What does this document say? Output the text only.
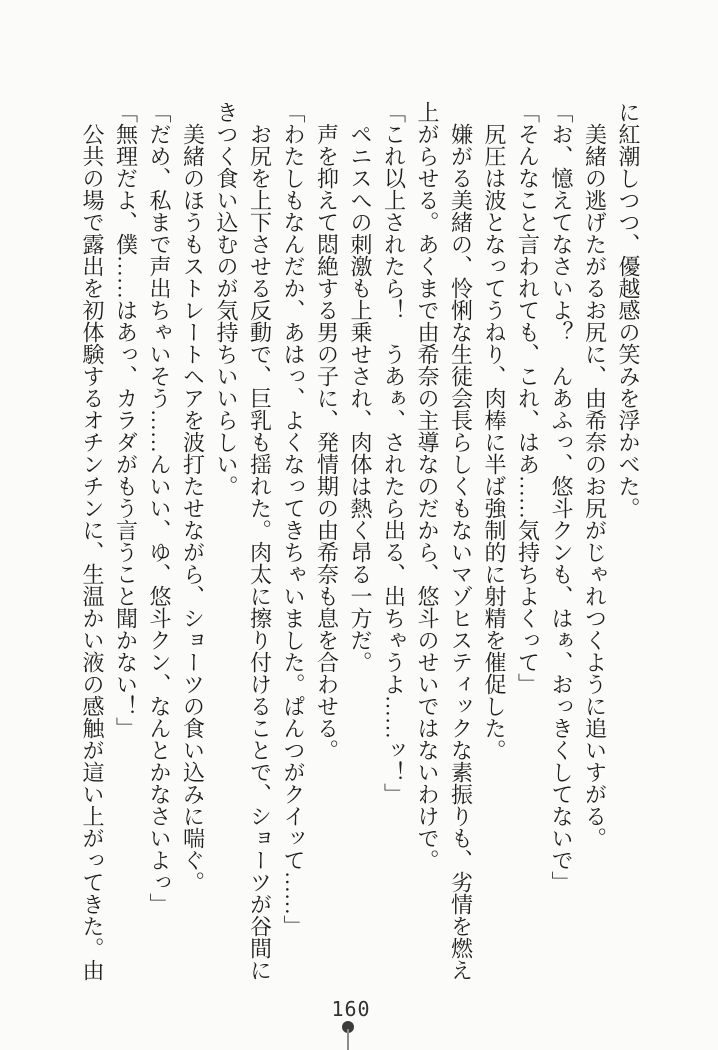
に紅潮しつつ、優越感の笑みを浮かべた。

美緒の逃げたがるお尻に、由希奈のお尻がじゃれつくように追いすがる。

「お、憶えてなさいよ？　んあふっ、悠斗クンも、はぁ、おっきくしてないで」

「そんなこと言われても、これ、はあ……気持ちよくって」

尻圧は波となってうねり、肉棒に半ば強制的に射精を催促した。

嫌がる美緒の、怜悧な生徒会長らしくもないマゾヒスティックな素振りも、劣情を燃え上がらせる。あくまで由希奈の主導なのだから、悠斗のせいではないわけで。

「これ以上されたら！　うあぁ、されたら出る、出ちゃうよ……ッ！」

ペニスへの刺激も上乗せされ、肉体は熱く昂る一方だ。

声を抑えて悶絶する男の子に、発情期の由希奈も息を合わせる。

「わたしもなんだか、あはっ、よくなってきちゃいました。ぱんつがクイッて……」

お尻を上下させる反動で、巨乳も揺れた。肉太に擦り付けることで、ショーツが谷間にきつく食い込むのが気持ちいいらしい。

美緒のほうもストレートヘアを波打たせながら、ショーツの食い込みに喘ぐ。

「だめ、私まで声出ちゃいそう……んいい、ゆ、悠斗クン、なんとかなさいよっ」

「無理だよ、僕……はあっ、カラダがもう言うこと聞かない！」

公共の場で露出を初体験するオチンチンに、生温かい液の感触が這い上がってきた。由

160
